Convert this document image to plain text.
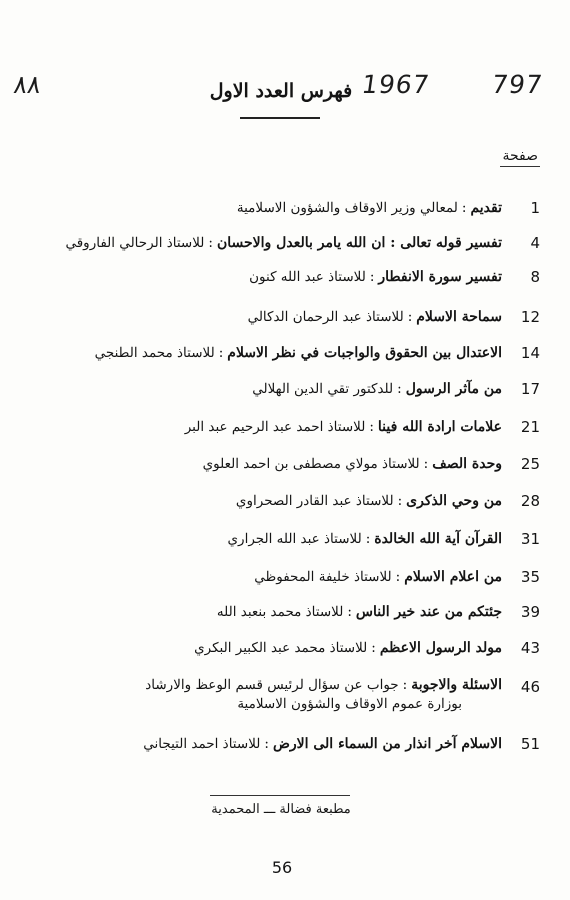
٨٨	1967 797
فهرس العدد الاول
صفحة
1
تقديم:لمعالي وزير الاوقاف والشؤون الاسلامية
4
تفسير قوله تعالى : ان الله يامر بالعدل والاحسان:للاستاذ الرحالي الفاروقي
8
تفسير سورة الانفطار:للاستاذ عبد الله كنون
12
سماحة الاسلام:للاستاذ عبد الرحمان الدكالي
14
الاعتدال بين الحقوق والواجبات في نظر الاسلام:للاستاذ محمد الطنجي
17
من مآثر الرسول:للدكتور تقي الدين الهلالي
21
علامات ارادة الله فينا:للاستاذ احمد عبد الرحيم عبد البر
25
وحدة الصف:للاستاذ مولاي مصطفى بن احمد العلوي
28
من وحي الذكرى:للاستاذ عبد القادر الصحراوي
31
القرآن آية الله الخالدة:للاستاذ عبد الله الجراري
35
من اعلام الاسلام:للاستاذ خليفة المحفوظي
39
جئتكم من عند خير الناس:للاستاذ محمد بنعبد الله
43
مولد الرسول الاعظم:للاستاذ محمد عبد الكبير البكري
46
الاسئلة والاجوبة:جواب عن سؤال لرئيس قسم الوعظ والارشاد
بوزارة عموم الاوقاف والشؤون الاسلامية
51
الاسلام آخر انذار من السماء الى الارض:للاستاذ احمد التيجاني
مطبعة فضالة ـــ المحمدية
56
